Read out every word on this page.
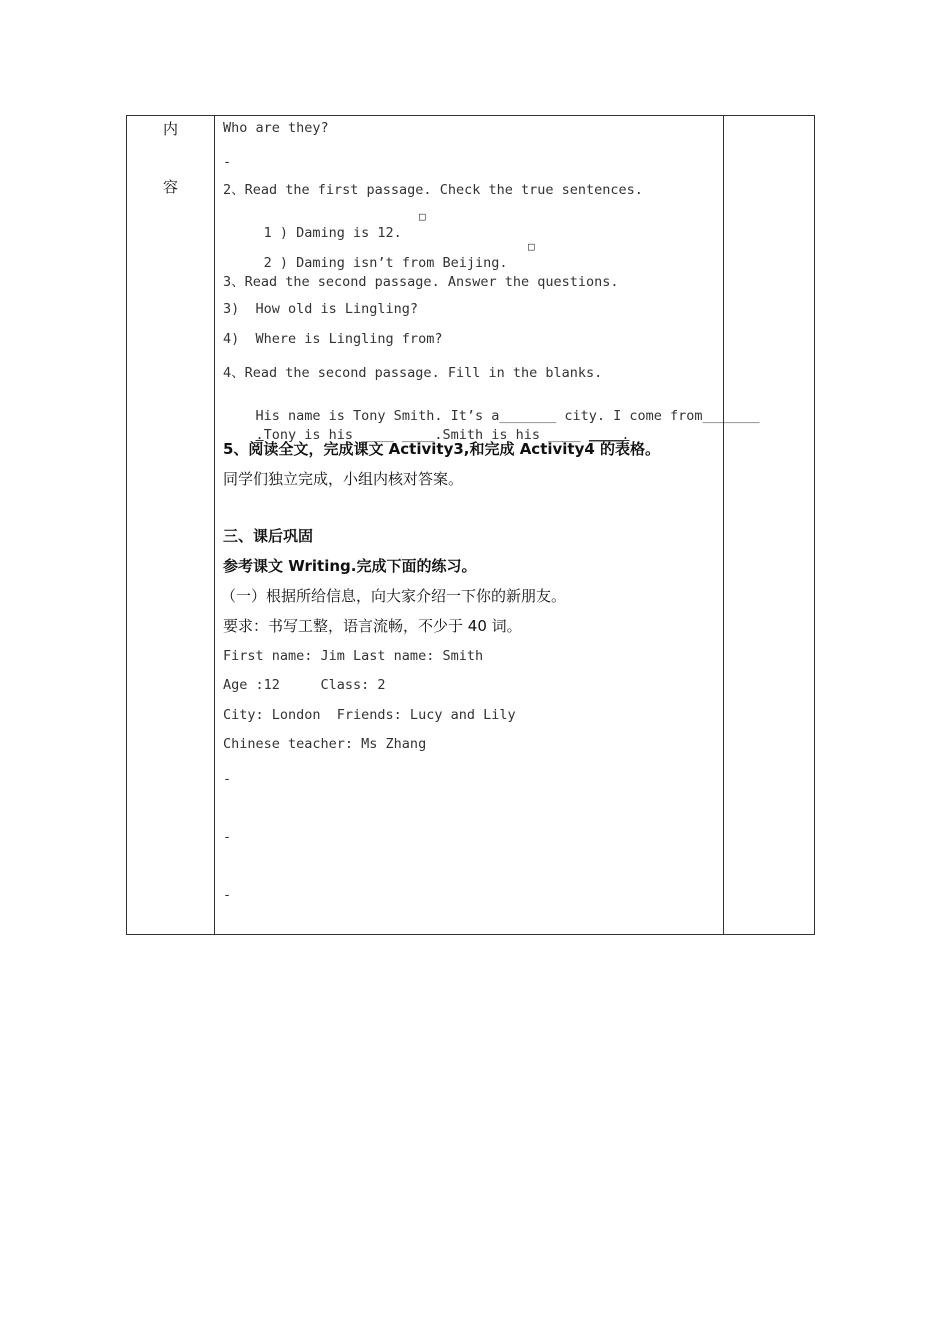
内
容
Who are they?
-
2、Read the first passage. Check the true sentences.

1 ) Daming is 12.

□

2 ) Daming isn’t from Beijing.

□

3、Read the second passage. Answer the questions.
3)  How old is Lingling?
4)  Where is Lingling from?
4、Read the second passage. Fill in the blanks.

His name is Tony Smith. It’s a_______ city. I come from_______

.Tony is his ____ ____.Smith is his ____ ____.

5、阅读全文，完成课文 Activity3,和完成 Activity4 的表格。
同学们独立完成，小组内核对答案。
三、课后巩固
参考课文 Writing.完成下面的练习。
（一）根据所给信息，向大家介绍一下你的新朋友。
要求：书写工整，语言流畅，不少于 40 词。
First name: Jim Last name: Smith
Age :12     Class: 2
City: London  Friends: Lucy and Lily
Chinese teacher: Ms Zhang
-
-
-
